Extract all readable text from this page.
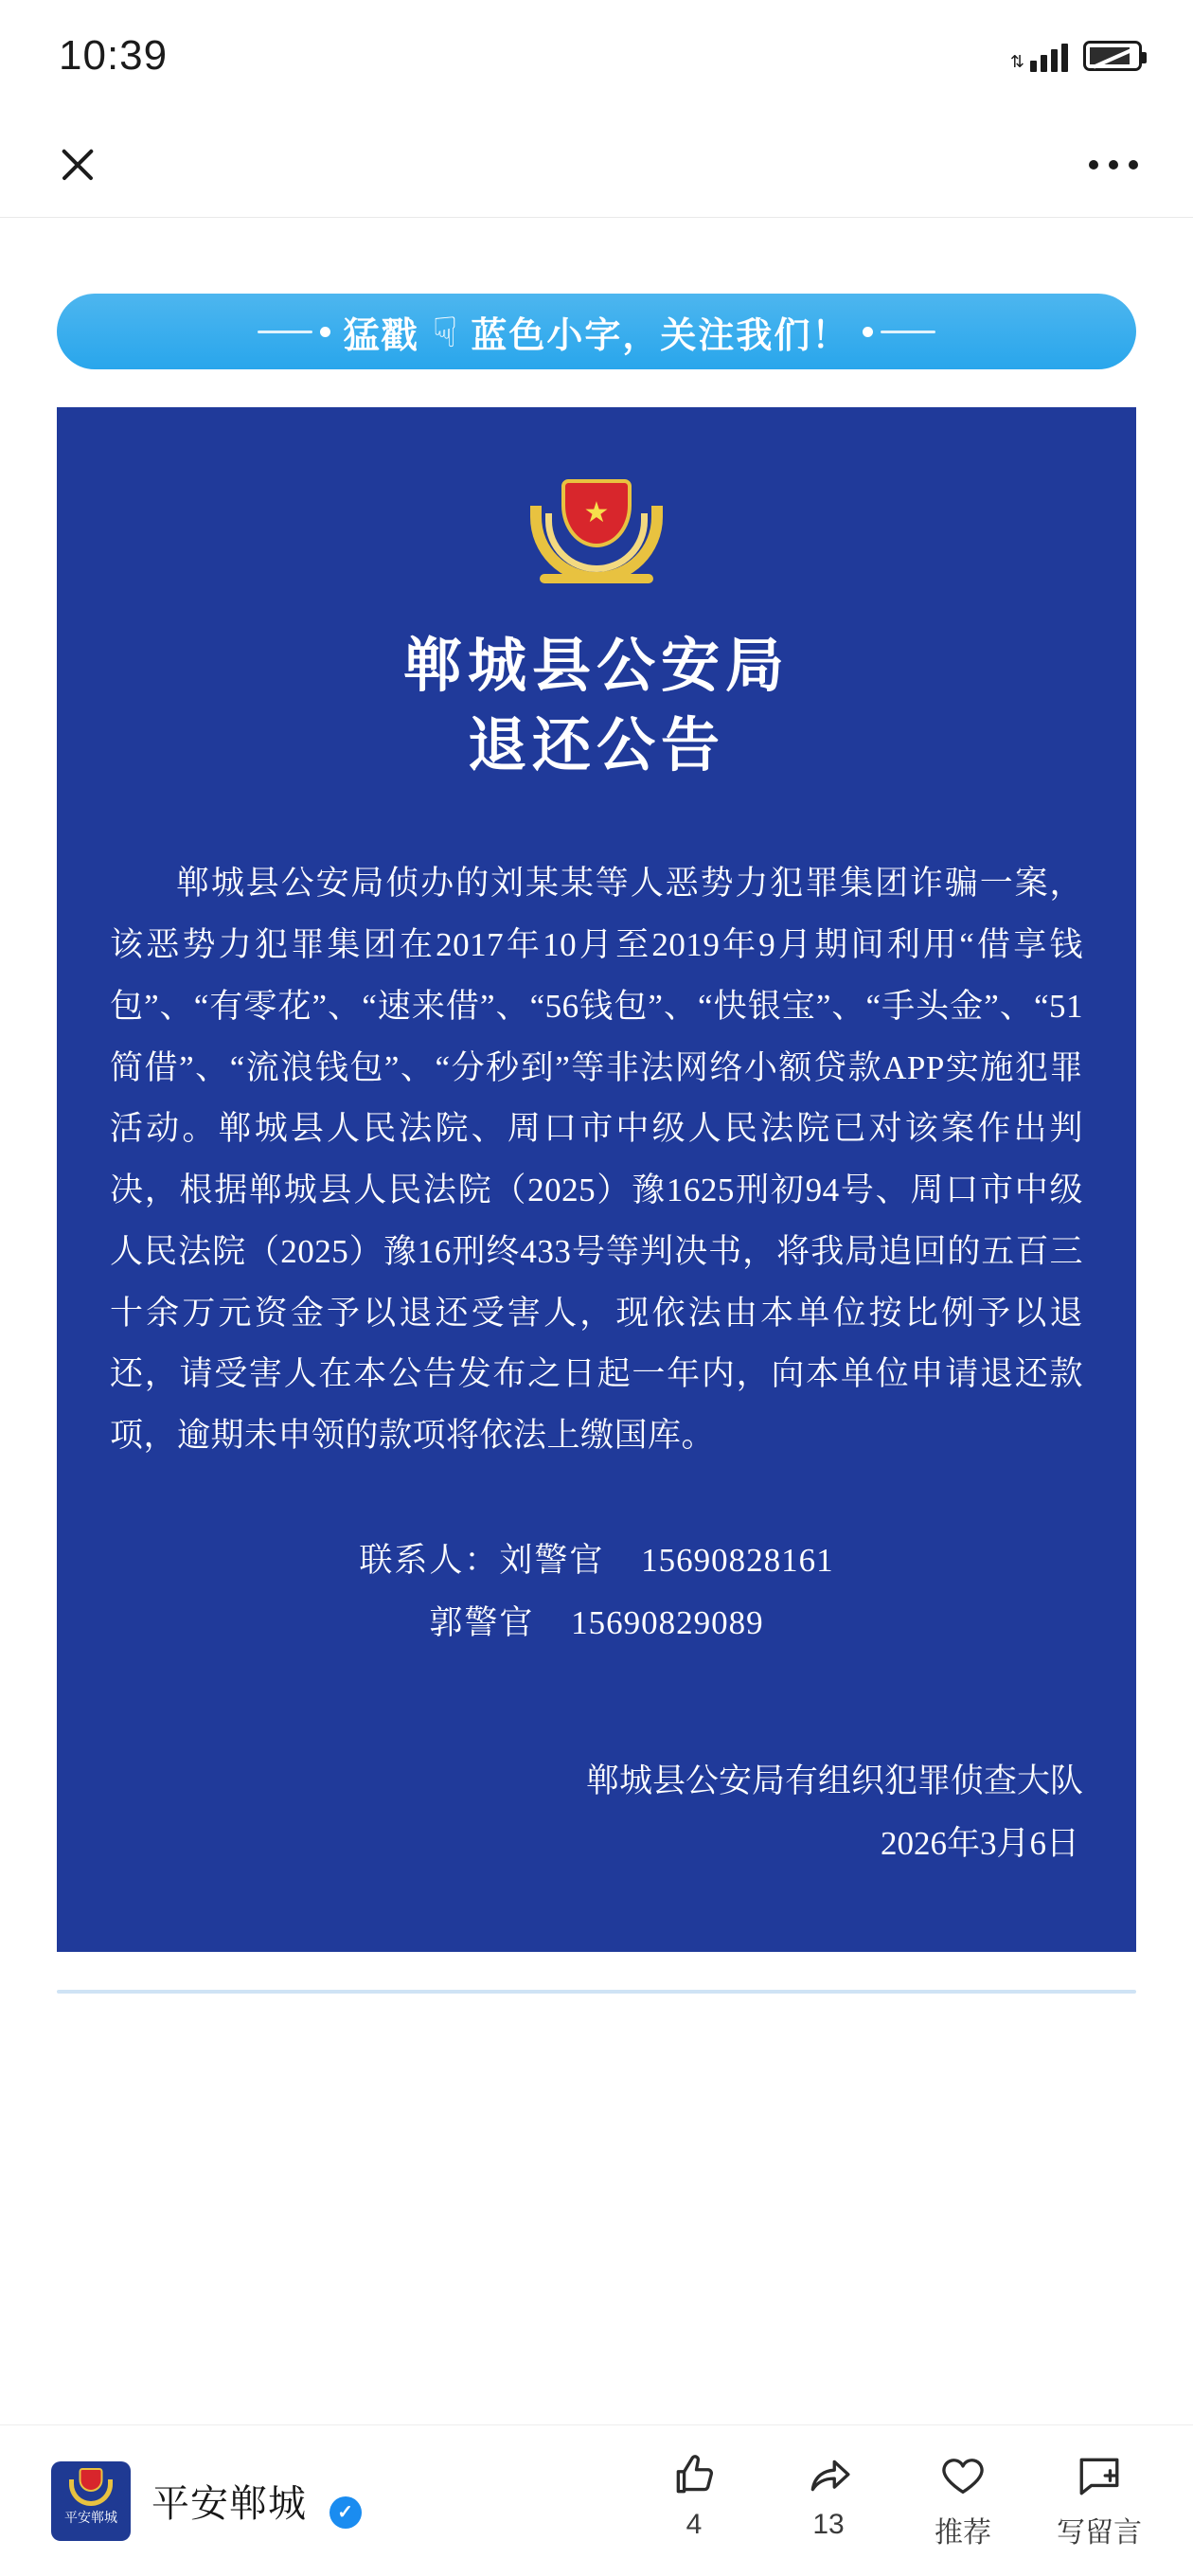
10:39	⇅
猛戳 ☟ 蓝色小字，关注我们！
★
郸城县公安局
退还公告
郸城县公安局侦办的刘某某等人恶势力犯罪集团诈骗一案，该恶势力犯罪集团在2017年10月至2019年9月期间利用“借享钱包”、“有零花”、“速来借”、“56钱包”、“快银宝”、“手头金”、“51简借”、“流浪钱包”、“分秒到”等非法网络小额贷款APP实施犯罪活动。郸城县人民法院、周口市中级人民法院已对该案作出判决，根据郸城县人民法院（2025）豫1625刑初94号、周口市中级人民法院（2025）豫16刑终433号等判决书，将我局追回的五百三十余万元资金予以退还受害人，现依法由本单位按比例予以退还，请受害人在本公告发布之日起一年内，向本单位申请退还款项，逾期未申领的款项将依法上缴国库。
联系人：刘警官 15690828161
郭警官 15690829089
郸城县公安局有组织犯罪侦查大队
2026年3月6日
平安郸城 平安郸城 ✓	4	13	推荐 写留言
